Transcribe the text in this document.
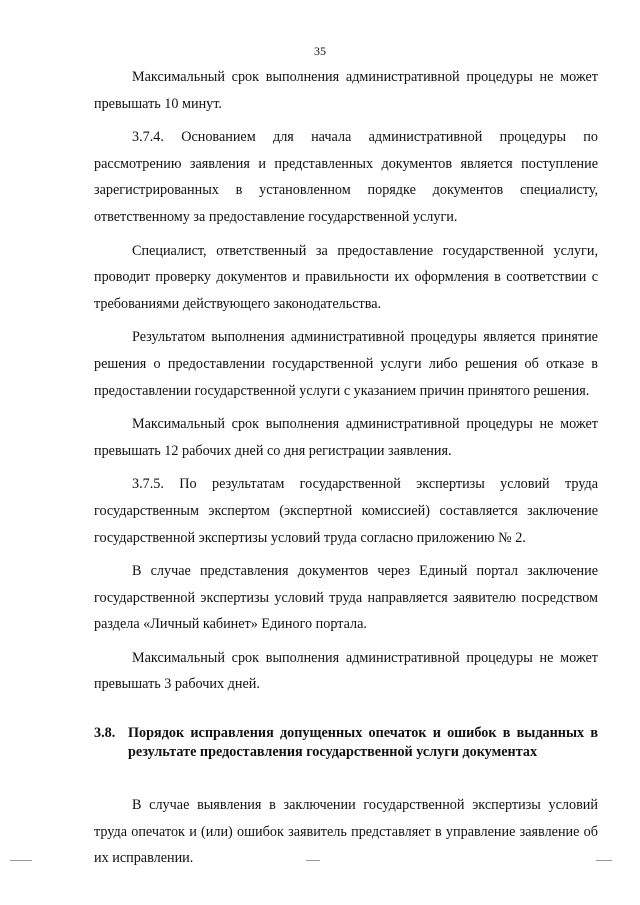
35

Максимальный срок выполнения административной процедуры не может превышать 10 минут.

3.7.4. Основанием для начала административной процедуры по рассмотрению заявления и представленных документов является поступление зарегистрированных в установленном порядке документов специалисту, ответственному за предоставление государственной услуги.

Специалист, ответственный за предоставление государственной услуги, проводит проверку документов и правильности их оформления в соответствии с требованиями действующего законодательства.

Результатом выполнения административной процедуры является принятие решения о предоставлении государственной услуги либо решения об отказе в предоставлении государственной услуги с указанием причин принятого решения.

Максимальный срок выполнения административной процедуры не может превышать 12 рабочих дней со дня регистрации заявления.

3.7.5. По результатам государственной экспертизы условий труда государственным экспертом (экспертной комиссией) составляется заключение государственной экспертизы условий труда согласно приложению № 2.

В случае представления документов через Единый портал заключение государственной экспертизы условий труда направляется заявителю посредством раздела «Личный кабинет» Единого портала.

Максимальный срок выполнения административной процедуры не может превышать 3 рабочих дней.

3.8. Порядок исправления допущенных опечаток и ошибок в выданных в результате предоставления государственной услуги документах

В случае выявления в заключении государственной экспертизы условий труда опечаток и (или) ошибок заявитель представляет в управление заявление об их исправлении.
